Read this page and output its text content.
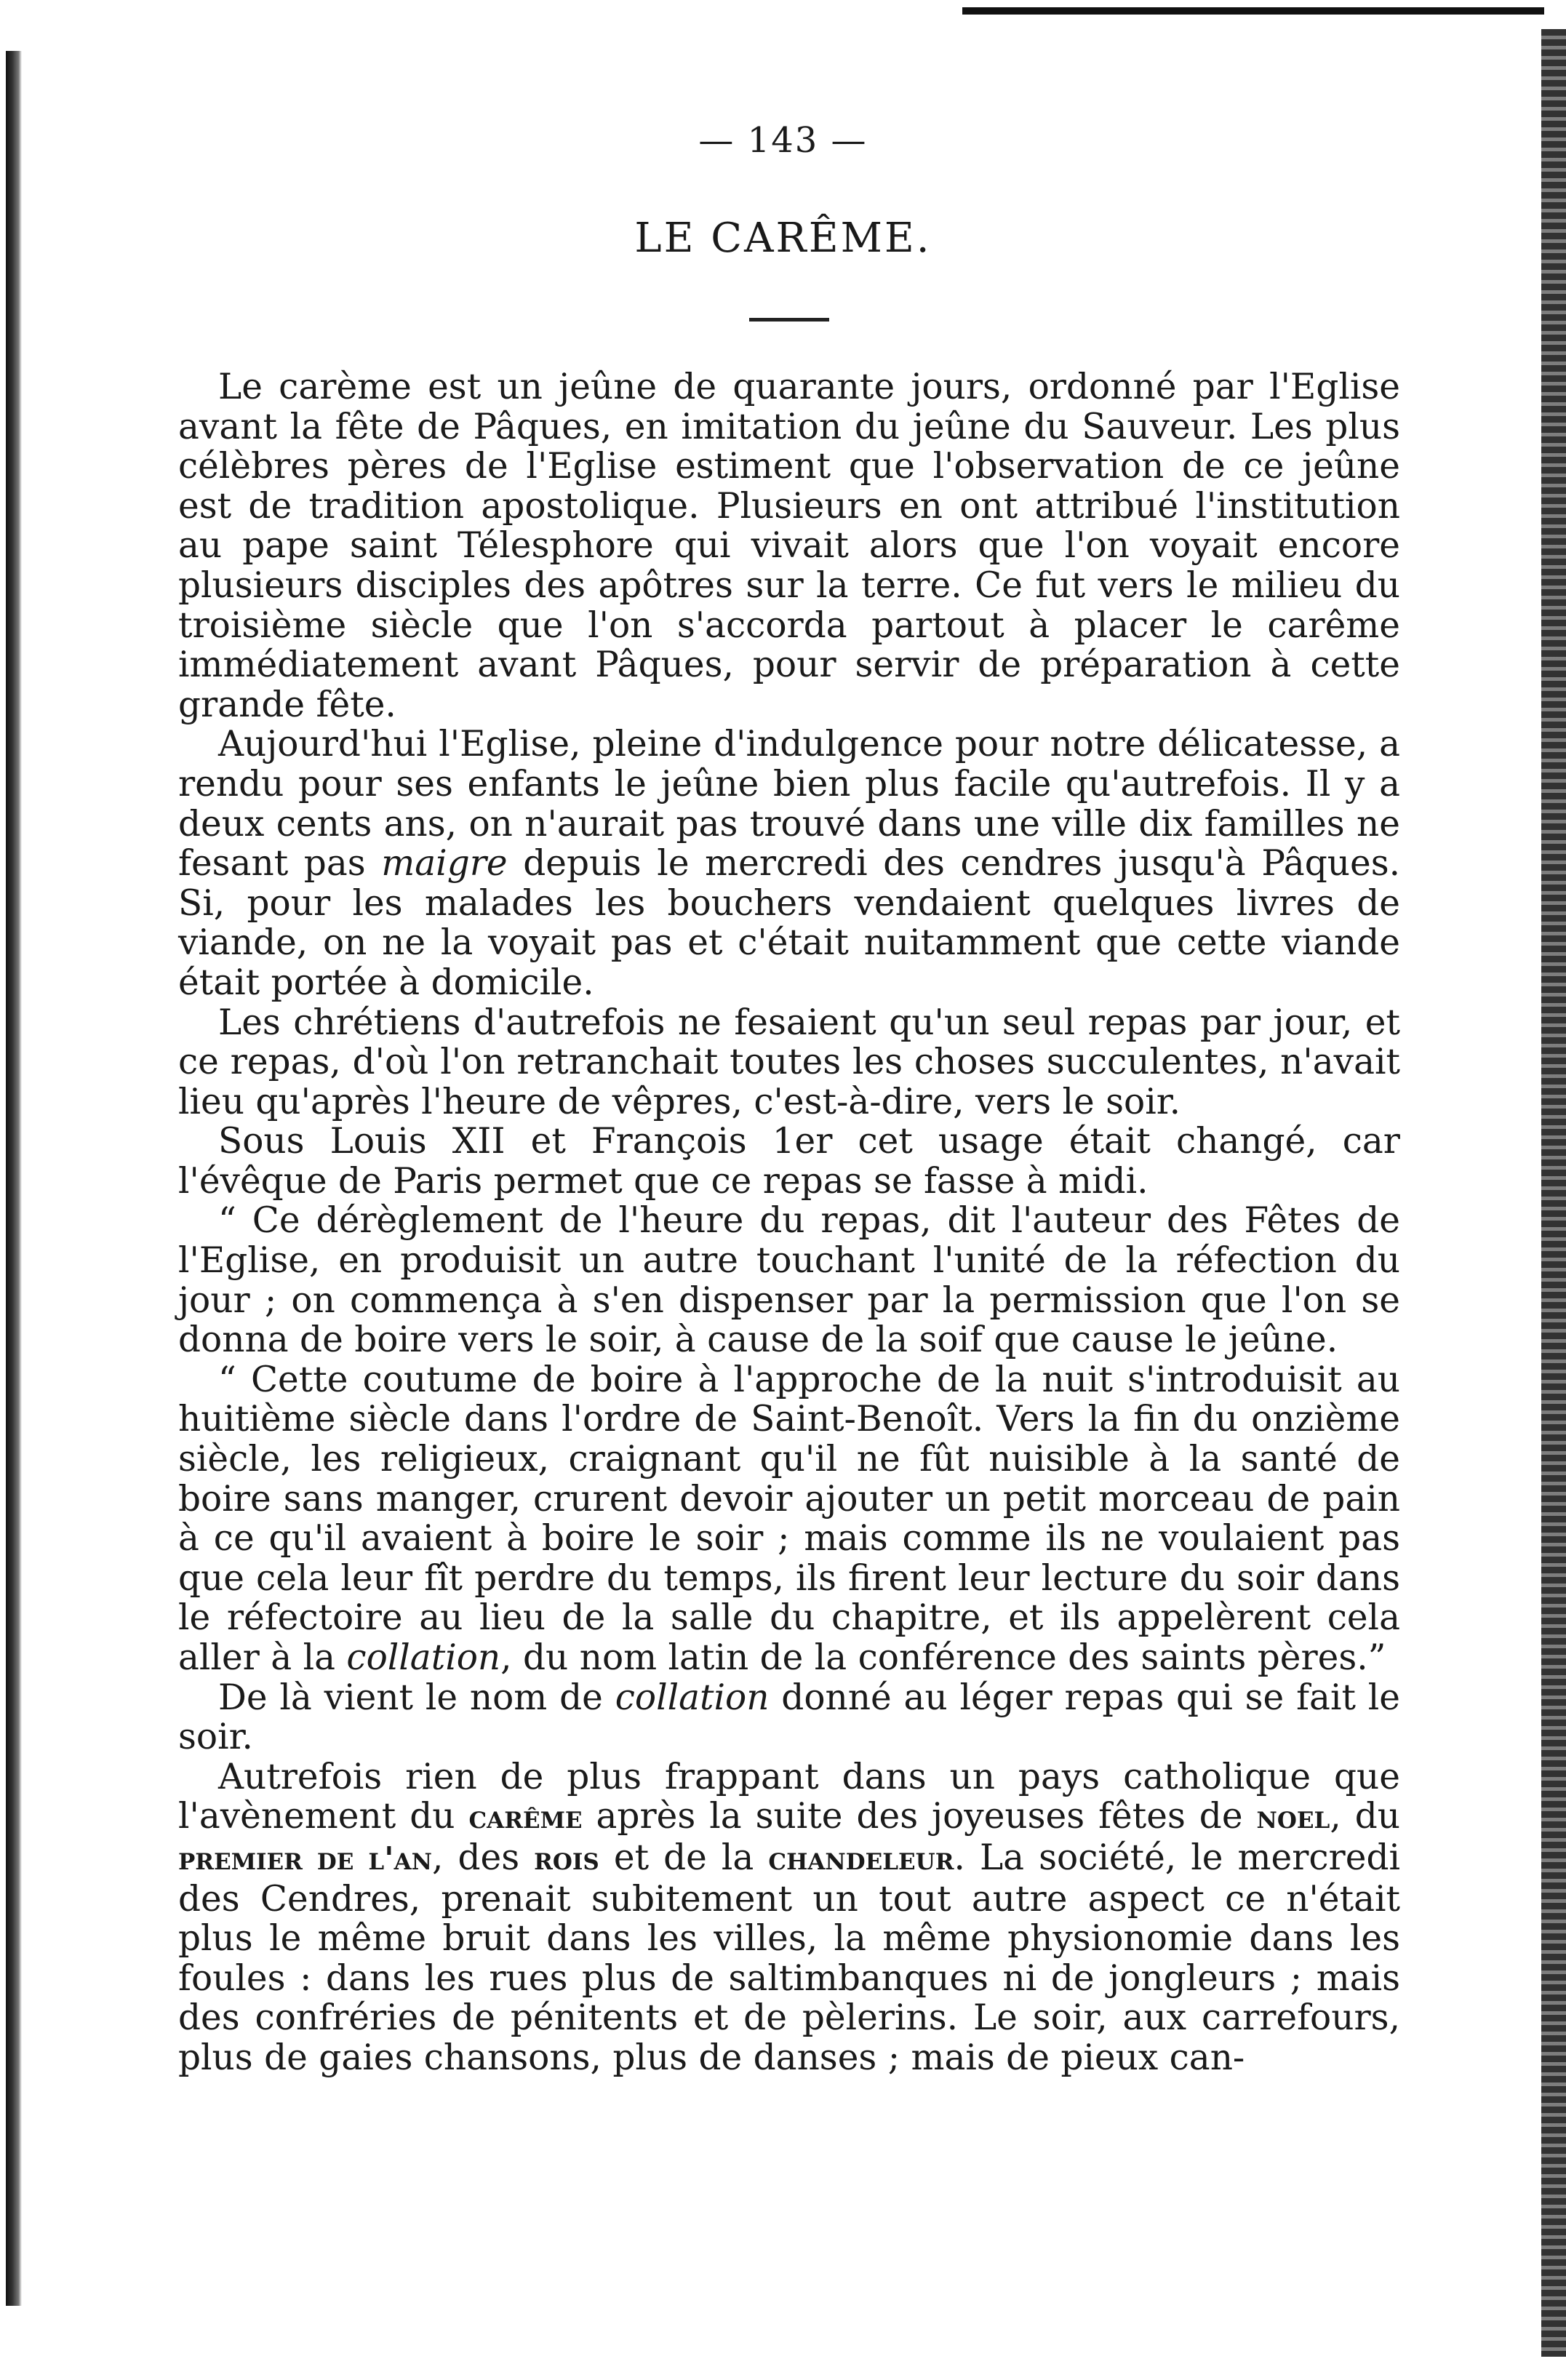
— 143 —
LE CARÊME.

Le carème est un jeûne de quarante jours, ordonné par l'Eglise avant la fête de Pâques, en imitation du jeûne du Sauveur. Les plus célèbres pères de l'Eglise estiment que l'observation de ce jeûne est de tradition apostolique. Plusieurs en ont attribué l'institution au pape saint Télesphore qui vivait alors que l'on voyait encore plusieurs disciples des apôtres sur la terre. Ce fut vers le milieu du troisième siècle que l'on s'accorda partout à placer le carême immédiatement avant Pâques, pour servir de préparation à cette grande fête.

Aujourd'hui l'Eglise, pleine d'indulgence pour notre délicatesse, a rendu pour ses enfants le jeûne bien plus facile qu'autrefois. Il y a deux cents ans, on n'aurait pas trouvé dans une ville dix familles ne fesant pas maigre depuis le mercredi des cendres jusqu'à Pâques. Si, pour les malades les bouchers vendaient quelques livres de viande, on ne la voyait pas et c'était nuitamment que cette viande était portée à domicile.

Les chrétiens d'autrefois ne fesaient qu'un seul repas par jour, et ce repas, d'où l'on retranchait toutes les choses succulentes, n'avait lieu qu'après l'heure de vêpres, c'est-à-dire, vers le soir.

Sous Louis XII et François 1er cet usage était changé, car l'évêque de Paris permet que ce repas se fasse à midi.

“ Ce dérèglement de l'heure du repas, dit l'auteur des Fêtes de l'Eglise, en produisit un autre touchant l'unité de la réfection du jour ; on commença à s'en dispenser par la permission que l'on se donna de boire vers le soir, à cause de la soif que cause le jeûne.

“ Cette coutume de boire à l'approche de la nuit s'introduisit au huitième siècle dans l'ordre de Saint-Benoît. Vers la fin du onzième siècle, les religieux, craignant qu'il ne fût nuisible à la santé de boire sans manger, crurent devoir ajouter un petit morceau de pain à ce qu'il avaient à boire le soir ; mais comme ils ne voulaient pas que cela leur fît perdre du temps, ils firent leur lecture du soir dans le réfectoire au lieu de la salle du chapitre, et ils appelèrent cela aller à la collation, du nom latin de la conférence des saints pères.”

De là vient le nom de collation donné au léger repas qui se fait le soir.

Autrefois rien de plus frappant dans un pays catholique que l'avènement du carême après la suite des joyeuses fêtes de noel, du premier de l'an, des rois et de la chandeleur. La société, le mercredi des Cendres, prenait subitement un tout autre aspect ce n'était plus le même bruit dans les villes, la même physionomie dans les foules : dans les rues plus de saltimbanques ni de jongleurs ; mais des confréries de pénitents et de pèlerins. Le soir, aux carrefours, plus de gaies chansons, plus de danses ; mais de pieux can-
